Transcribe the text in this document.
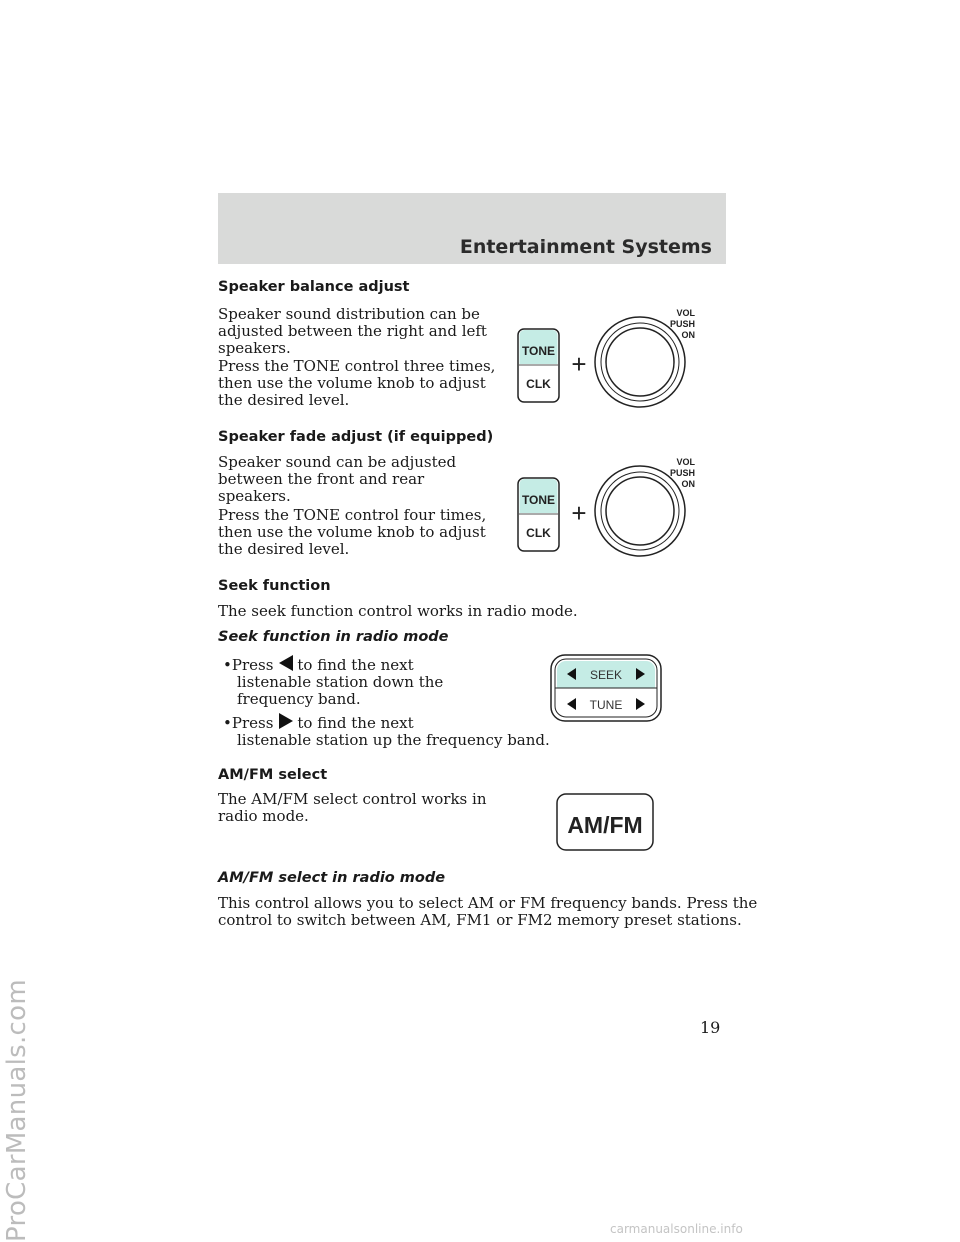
Entertainment Systems
Speaker balance adjust

Speaker sound distribution can be
adjusted between the right and left
speakers.

Press the TONE control three times,
then use the volume knob to adjust
the desired level.

Speaker fade adjust (if equipped)

Speaker sound can be adjusted
between the front and rear
speakers.

Press the TONE control four times,
then use the volume knob to adjust
the desired level.

Seek function

The seek function control works in radio mode.

Seek function in radio mode
•Press to find the next
listenable station down the
frequency band.
•Press to find the next
listenable station up the frequency band.
AM/FM select

The AM/FM select control works in
radio mode.

AM/FM select in radio mode

This control allows you to select AM or FM frequency bands. Press the
control to switch between AM, FM1 or FM2 memory preset stations.

TONE
CLK
+
VOL
PUSH
ON
TONE
CLK
+
VOL
PUSH
ON
SEEK
TUNE
AM/FM
19
ProCarManuals.com	carmanualsonline.info
